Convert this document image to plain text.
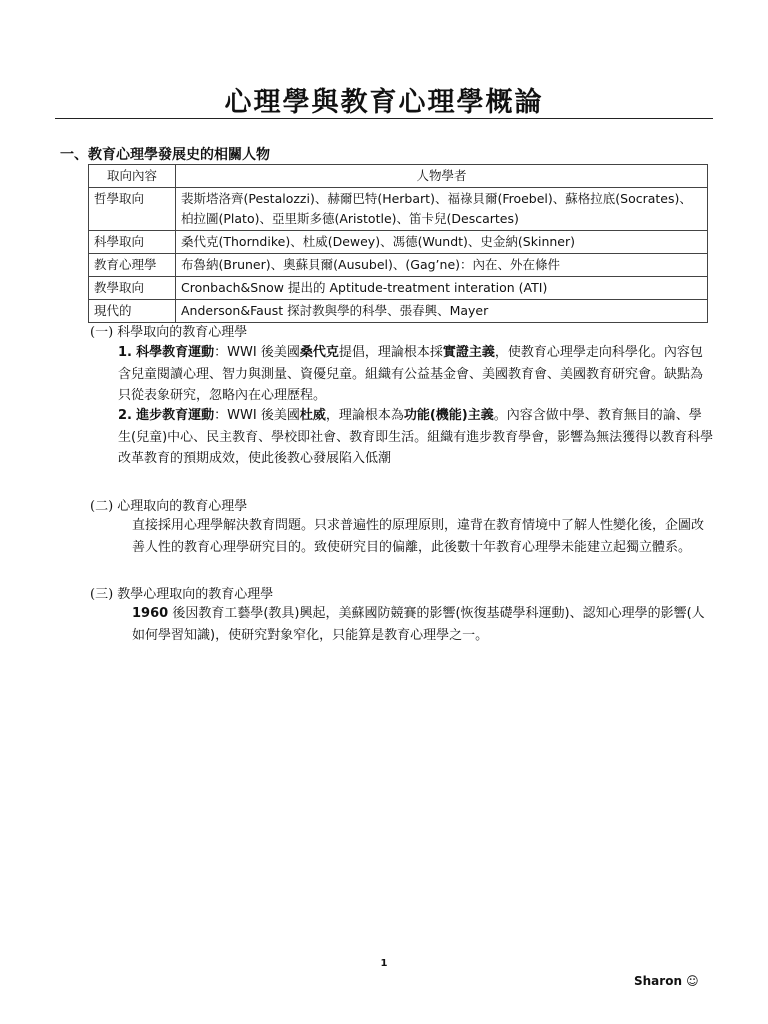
心理學與教育心理學概論
一、教育心理學發展史的相關人物
取向內容	人物學者
哲學取向	裴斯塔洛齊(Pestalozzi)、赫爾巴特(Herbart)、福祿貝爾(Froebel)、蘇格拉底(Socrates)、柏拉圖(Plato)、亞里斯多德(Aristotle)、笛卡兒(Descartes)
科學取向	桑代克(Thorndike)、杜威(Dewey)、馮德(Wundt)、史金納(Skinner)
教育心理學	布魯納(Bruner)、奧蘇貝爾(Ausubel)、(Gag’ne)：內在、外在條件
教學取向	Cronbach&Snow 提出的 Aptitude-treatment interation (ATI)
現代的	Anderson&Faust 探討教與學的科學、張春興、Mayer
(一) 科學取向的教育心理學
1. 科學教育運動：WWI 後美國桑代克提倡，理論根本採實證主義，使教育心理學走向科學化。內容包含兒童閱讀心理、智力與測量、資優兒童。組織有公益基金會、美國教育會、美國教育研究會。缺點為只從表象研究，忽略內在心理歷程。
2. 進步教育運動：WWI 後美國杜威，理論根本為功能(機能)主義。內容含做中學、教育無目的論、學生(兒童)中心、民主教育、學校即社會、教育即生活。組織有進步教育學會，影響為無法獲得以教育科學改革教育的預期成效，使此後教心發展陷入低潮
(二) 心理取向的教育心理學
直接採用心理學解決教育問題。只求普遍性的原理原則，違背在教育情境中了解人性變化後，企圖改善人性的教育心理學研究目的。致使研究目的偏離，此後數十年教育心理學未能建立起獨立體系。
(三) 教學心理取向的教育心理學
1960 後因教育工藝學(教具)興起，美蘇國防競賽的影響(恢復基礎學科運動)、認知心理學的影響(人如何學習知識)，使研究對象窄化，只能算是教育心理學之一。
1
Sharon ☺
